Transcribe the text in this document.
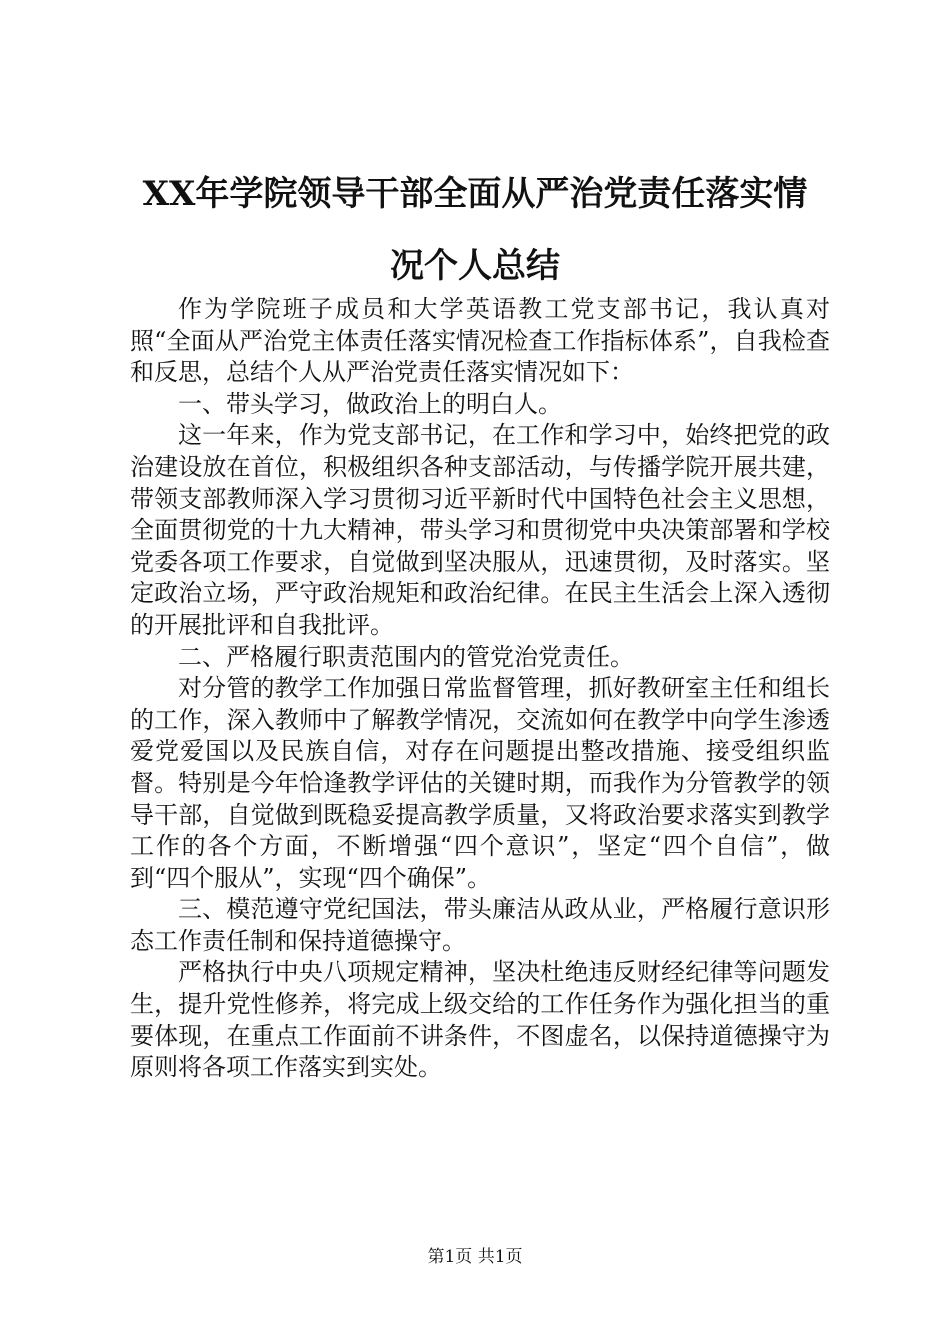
XX年学院领导干部全面从严治党责任落实情
况个人总结

作为学院班子成员和大学英语教工党支部书记，我认真对照“全面从严治党主体责任落实情况检查工作指标体系”，自我检查和反思，总结个人从严治党责任落实情况如下：

一、带头学习，做政治上的明白人。

这一年来，作为党支部书记，在工作和学习中，始终把党的政治建设放在首位，积极组织各种支部活动，与传播学院开展共建，带领支部教师深入学习贯彻习近平新时代中国特色社会主义思想，全面贯彻党的十九大精神，带头学习和贯彻党中央决策部署和学校党委各项工作要求，自觉做到坚决服从，迅速贯彻，及时落实。坚定政治立场，严守政治规矩和政治纪律。在民主生活会上深入透彻的开展批评和自我批评。

二、严格履行职责范围内的管党治党责任。

对分管的教学工作加强日常监督管理，抓好教研室主任和组长的工作，深入教师中了解教学情况，交流如何在教学中向学生渗透爱党爱国以及民族自信，对存在问题提出整改措施、接受组织监督。特别是今年恰逢教学评估的关键时期，而我作为分管教学的领导干部，自觉做到既稳妥提高教学质量，又将政治要求落实到教学工作的各个方面，不断增强“四个意识”，坚定“四个自信”，做到“四个服从”，实现“四个确保”。

三、模范遵守党纪国法，带头廉洁从政从业，严格履行意识形态工作责任制和保持道德操守。

严格执行中央八项规定精神，坚决杜绝违反财经纪律等问题发生，提升党性修养，将完成上级交给的工作任务作为强化担当的重要体现，在重点工作面前不讲条件，不图虚名，以保持道德操守为原则将各项工作落实到实处。

第1页 共1页
